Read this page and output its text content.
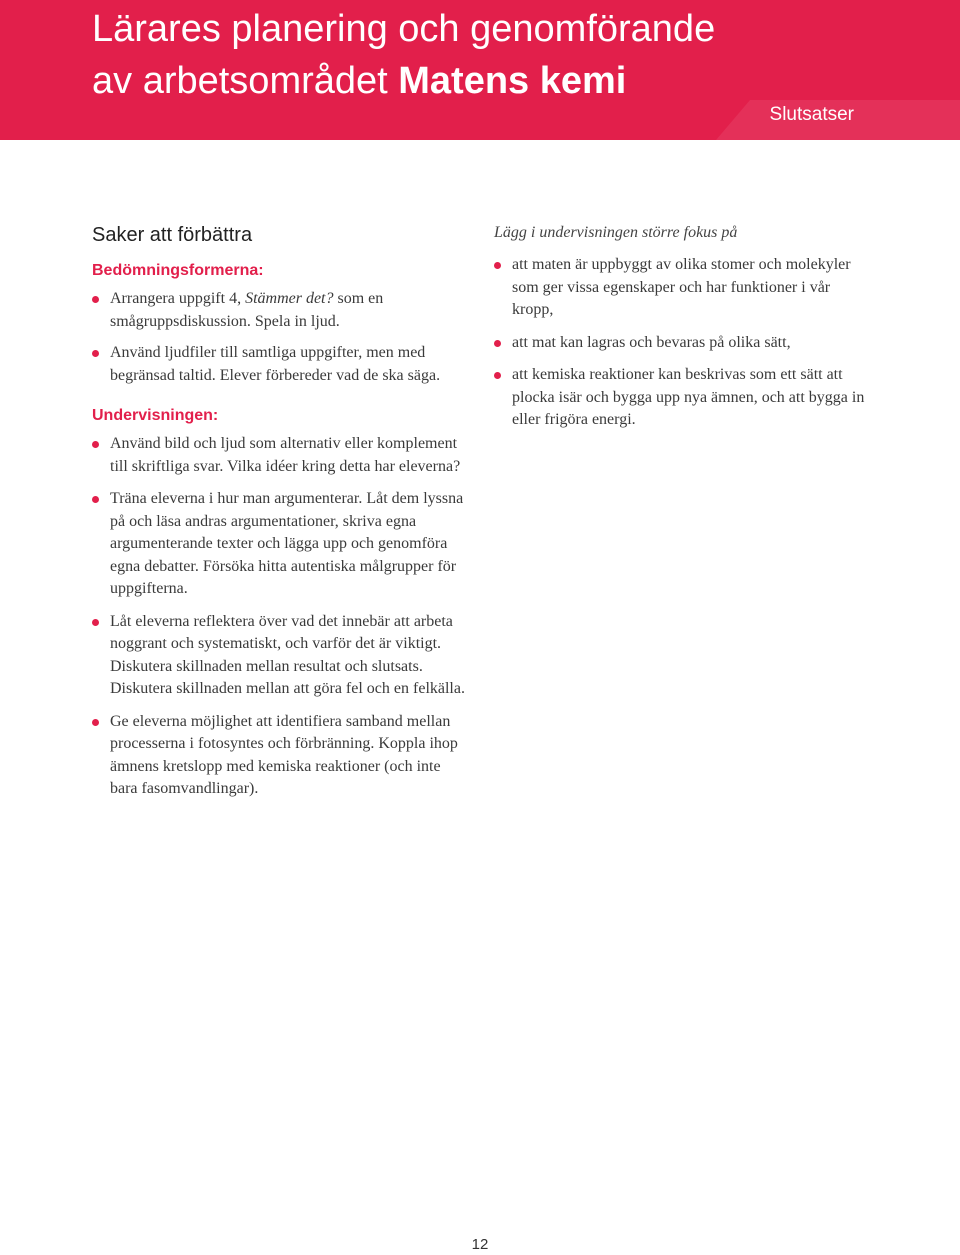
Lärares planering och genomförande
av arbetsområdet Matens kemi
Slutsatser
Saker att förbättra
Bedömningsformerna:
Arrangera uppgift 4, Stämmer det? som en smågruppsdiskussion. Spela in ljud.
Använd ljudfiler till samtliga uppgifter, men med begränsad taltid. Elever förbereder vad de ska säga.
Undervisningen:
Använd bild och ljud som alternativ eller komplement till skriftliga svar. Vilka idéer kring detta har eleverna?
Träna eleverna i hur man argumenterar. Låt dem lyssna på och läsa andras argumentationer, skriva egna argumenterande texter och lägga upp och genomföra egna debatter. Försöka hitta autentiska målgrupper för uppgifterna.
Låt eleverna reflektera över vad det innebär att arbeta noggrant och systematiskt, och varför det är viktigt. Diskutera skillnaden mellan resultat och slutsats. Diskutera skillnaden mellan att göra fel och en felkälla.
Ge eleverna möjlighet att identifiera samband mellan processerna i fotosyntes och förbränning. Koppla ihop ämnens kretslopp med kemiska reaktioner (och inte bara fasomvandlingar).
Lägg i undervisningen större fokus på
att maten är uppbyggt av olika stomer och molekyler som ger vissa egenskaper och har funktioner i vår kropp,
att mat kan lagras och bevaras på olika sätt,
att kemiska reaktioner kan beskrivas som ett sätt att plocka isär och bygga upp nya ämnen, och att bygga in eller frigöra energi.
12
